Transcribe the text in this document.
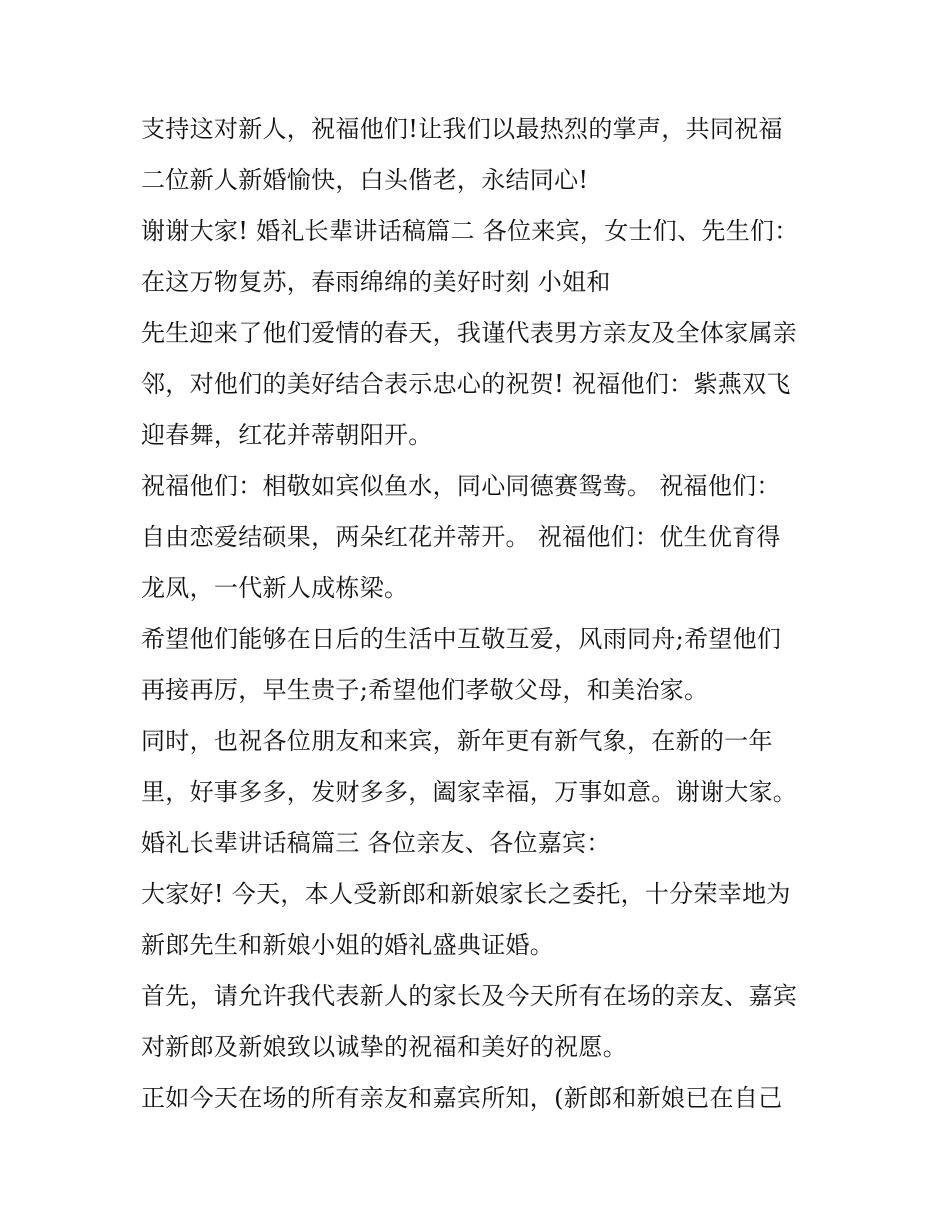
支持这对新人，祝福他们!让我们以最热烈的掌声，共同祝福
二位新人新婚愉快，白头偕老，永结同心!
谢谢大家! 婚礼长辈讲话稿篇二 各位来宾，女士们、先生们：
在这万物复苏，春雨绵绵的美好时刻 小姐和
先生迎来了他们爱情的春天，我谨代表男方亲友及全体家属亲
邻，对他们的美好结合表示忠心的祝贺! 祝福他们：紫燕双飞
迎春舞，红花并蒂朝阳开。
祝福他们：相敬如宾似鱼水，同心同德赛鸳鸯。 祝福他们：
自由恋爱结硕果，两朵红花并蒂开。 祝福他们：优生优育得
龙凤，一代新人成栋梁。
希望他们能够在日后的生活中互敬互爱，风雨同舟;希望他们
再接再厉，早生贵子;希望他们孝敬父母，和美治家。
同时，也祝各位朋友和来宾，新年更有新气象，在新的一年
里，好事多多，发财多多，阖家幸福，万事如意。谢谢大家。
婚礼长辈讲话稿篇三 各位亲友、各位嘉宾：
大家好! 今天，本人受新郎和新娘家长之委托，十分荣幸地为
新郎先生和新娘小姐的婚礼盛典证婚。
首先，请允许我代表新人的家长及今天所有在场的亲友、嘉宾
对新郎及新娘致以诚挚的祝福和美好的祝愿。
正如今天在场的所有亲友和嘉宾所知，(新郎和新娘已在自己
